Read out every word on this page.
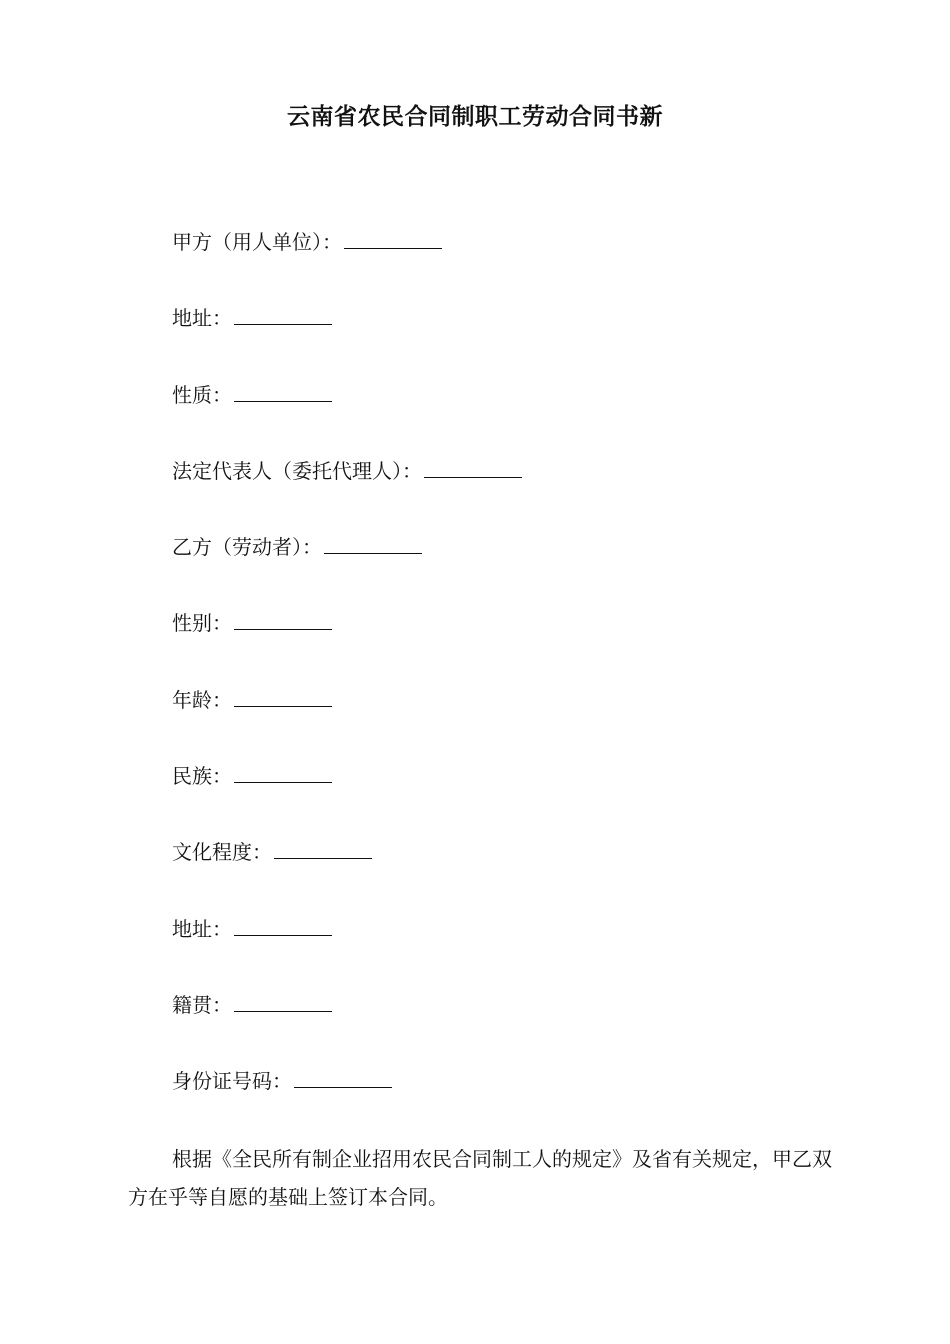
云南省农民合同制职工劳动合同书新
甲方（用人单位）：
地址：
性质：
法定代表人（委托代理人）：
乙方（劳动者）：
性别：
年龄：
民族：
文化程度：
地址：
籍贯：
身份证号码：

根据《全民所有制企业招用农民合同制工人的规定》及省有关规定，甲乙双方在乎等自愿的基础上签订本合同。
